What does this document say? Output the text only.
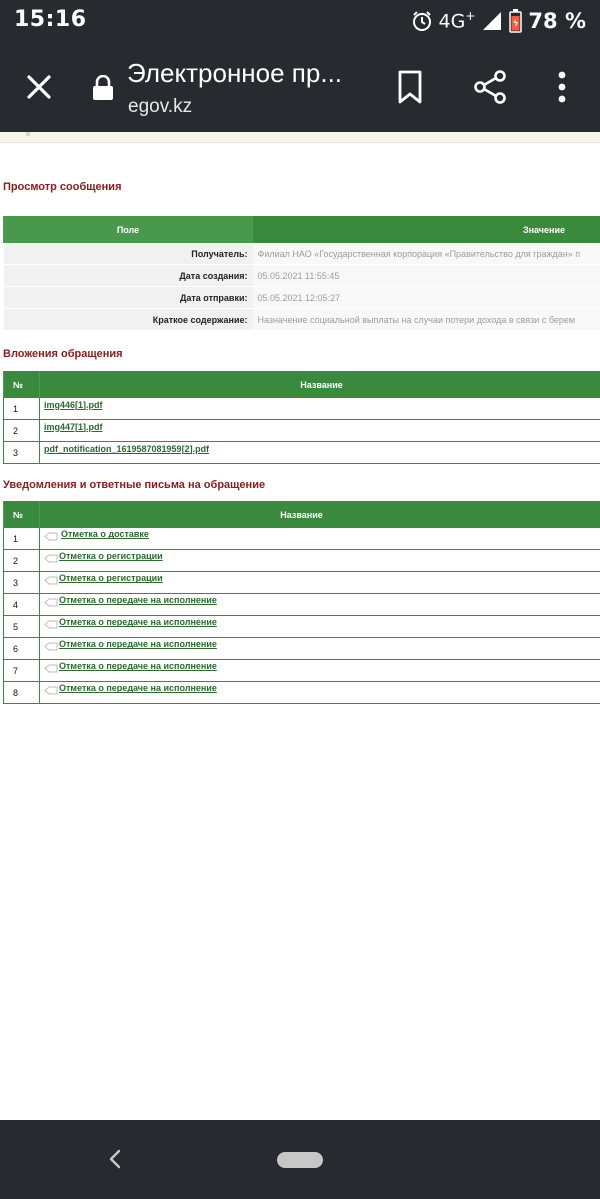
15:16	4G+	78 %
Электронное пр...
egov.kz
Просмотр сообщения
Поле	Значение
Получатель:	Филиал НАО «Государственная корпорация «Правительство для граждан» п
Дата создания:	05.05.2021 11:55:45
Дата отправки:	05.05.2021 12:05:27
Краткое содержание:	Назначение социальной выплаты на случаи потери дохода в связи с берем
Вложения обращения
№	Название
1	img446[1].pdf
2	img447[1].pdf
3	pdf_notification_1619587081959[2].pdf
Уведомления и ответные письма на обращение
№	Название
1	Отметка о доставке
2	Отметка о регистрации
3	Отметка о регистрации
4	Отметка о передаче на исполнение
5	Отметка о передаче на исполнение
6	Отметка о передаче на исполнение
7	Отметка о передаче на исполнение
8	Отметка о передаче на исполнение
